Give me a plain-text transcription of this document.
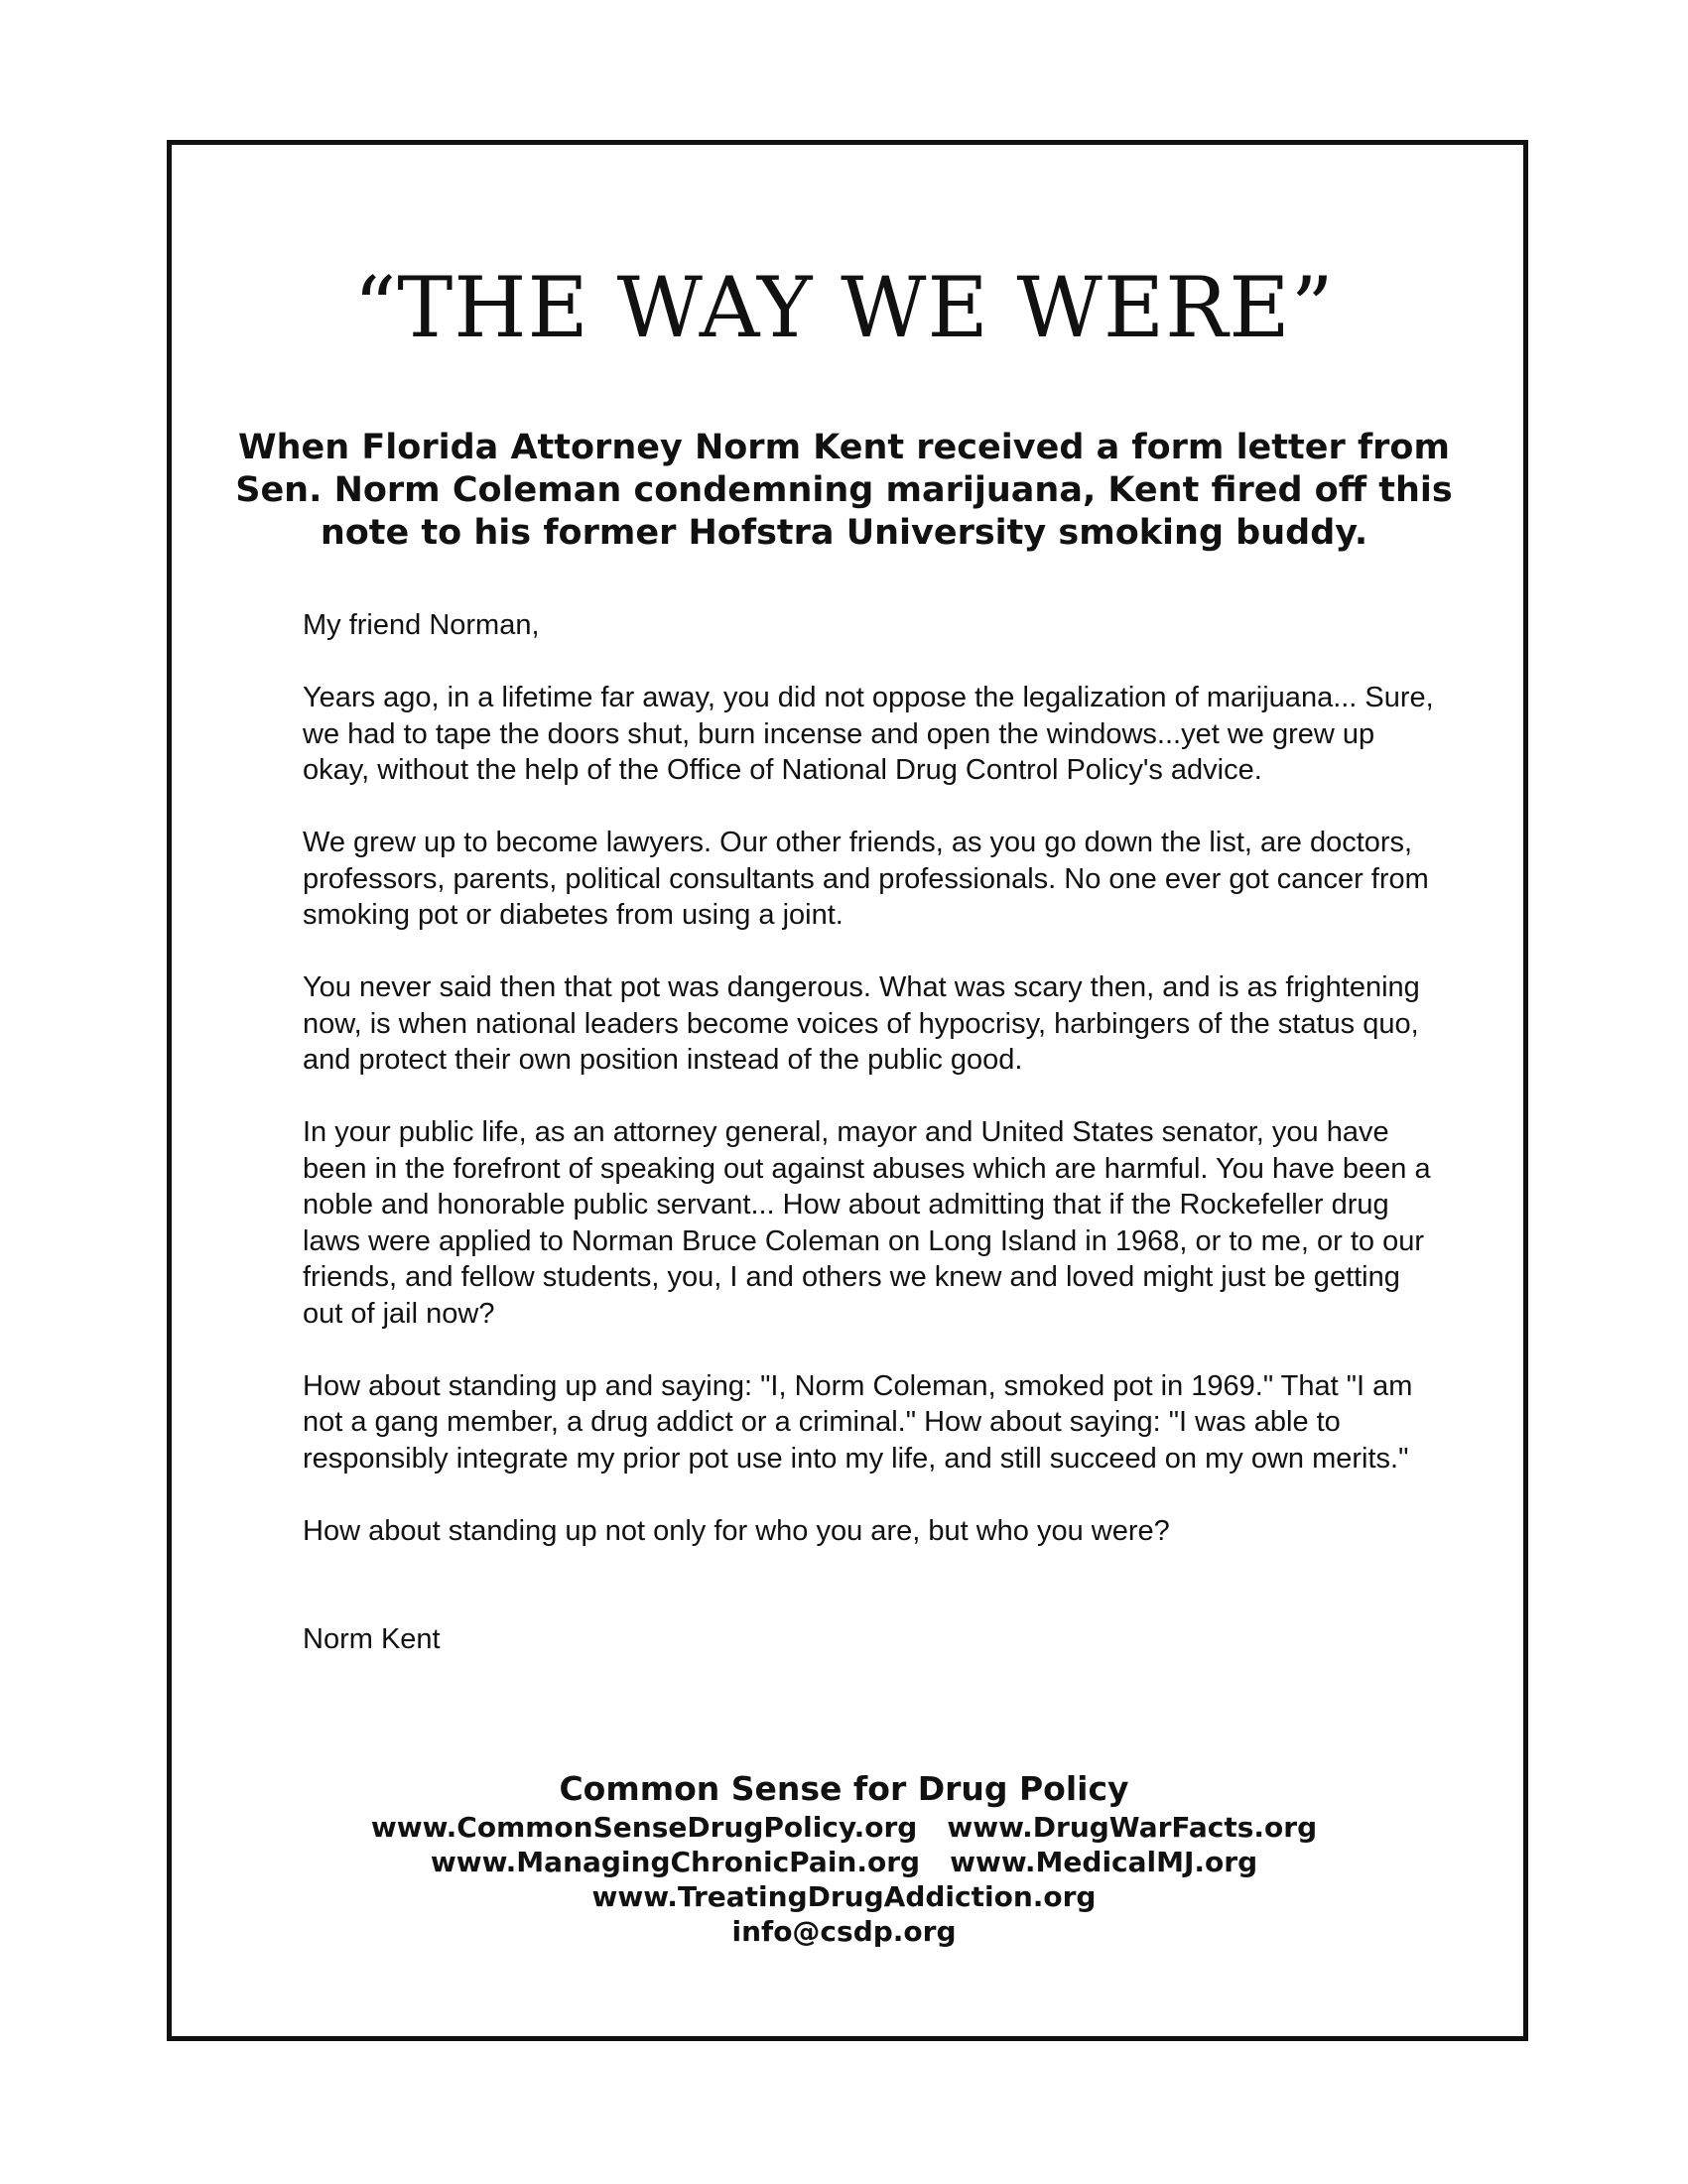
“THE WAY WE WERE”

When Florida Attorney Norm Kent received a form letter from Sen. Norm Coleman condemning marijuana, Kent fired off this note to his former Hofstra University smoking buddy.

My friend Norman,

Years ago, in a lifetime far away, you did not oppose the legalization of marijuana... Sure, we had to tape the doors shut, burn incense and open the windows...yet we grew up okay, without the help of the Office of National Drug Control Policy's advice.

We grew up to become lawyers. Our other friends, as you go down the list, are doctors, professors, parents, political consultants and professionals. No one ever got cancer from smoking pot or diabetes from using a joint.

You never said then that pot was dangerous. What was scary then, and is as frightening now, is when national leaders become voices of hypocrisy, harbingers of the status quo, and protect their own position instead of the public good.

In your public life, as an attorney general, mayor and United States senator, you have been in the forefront of speaking out against abuses which are harmful. You have been a noble and honorable public servant... How about admitting that if the Rockefeller drug laws were applied to Norman Bruce Coleman on Long Island in 1968, or to me, or to our friends, and fellow students, you, I and others we knew and loved might just be getting out of jail now?

How about standing up and saying: "I, Norm Coleman, smoked pot in 1969." That "I am not a gang member, a drug addict or a criminal." How about saying: "I was able to responsibly integrate my prior pot use into my life, and still succeed on my own merits."

How about standing up not only for who you are, but who you were?

Norm Kent

Common Sense for Drug Policy
www.CommonSenseDrugPolicy.org www.DrugWarFacts.org
www.ManagingChronicPain.org www.MedicalMJ.org
www.TreatingDrugAddiction.org
info@csdp.org
